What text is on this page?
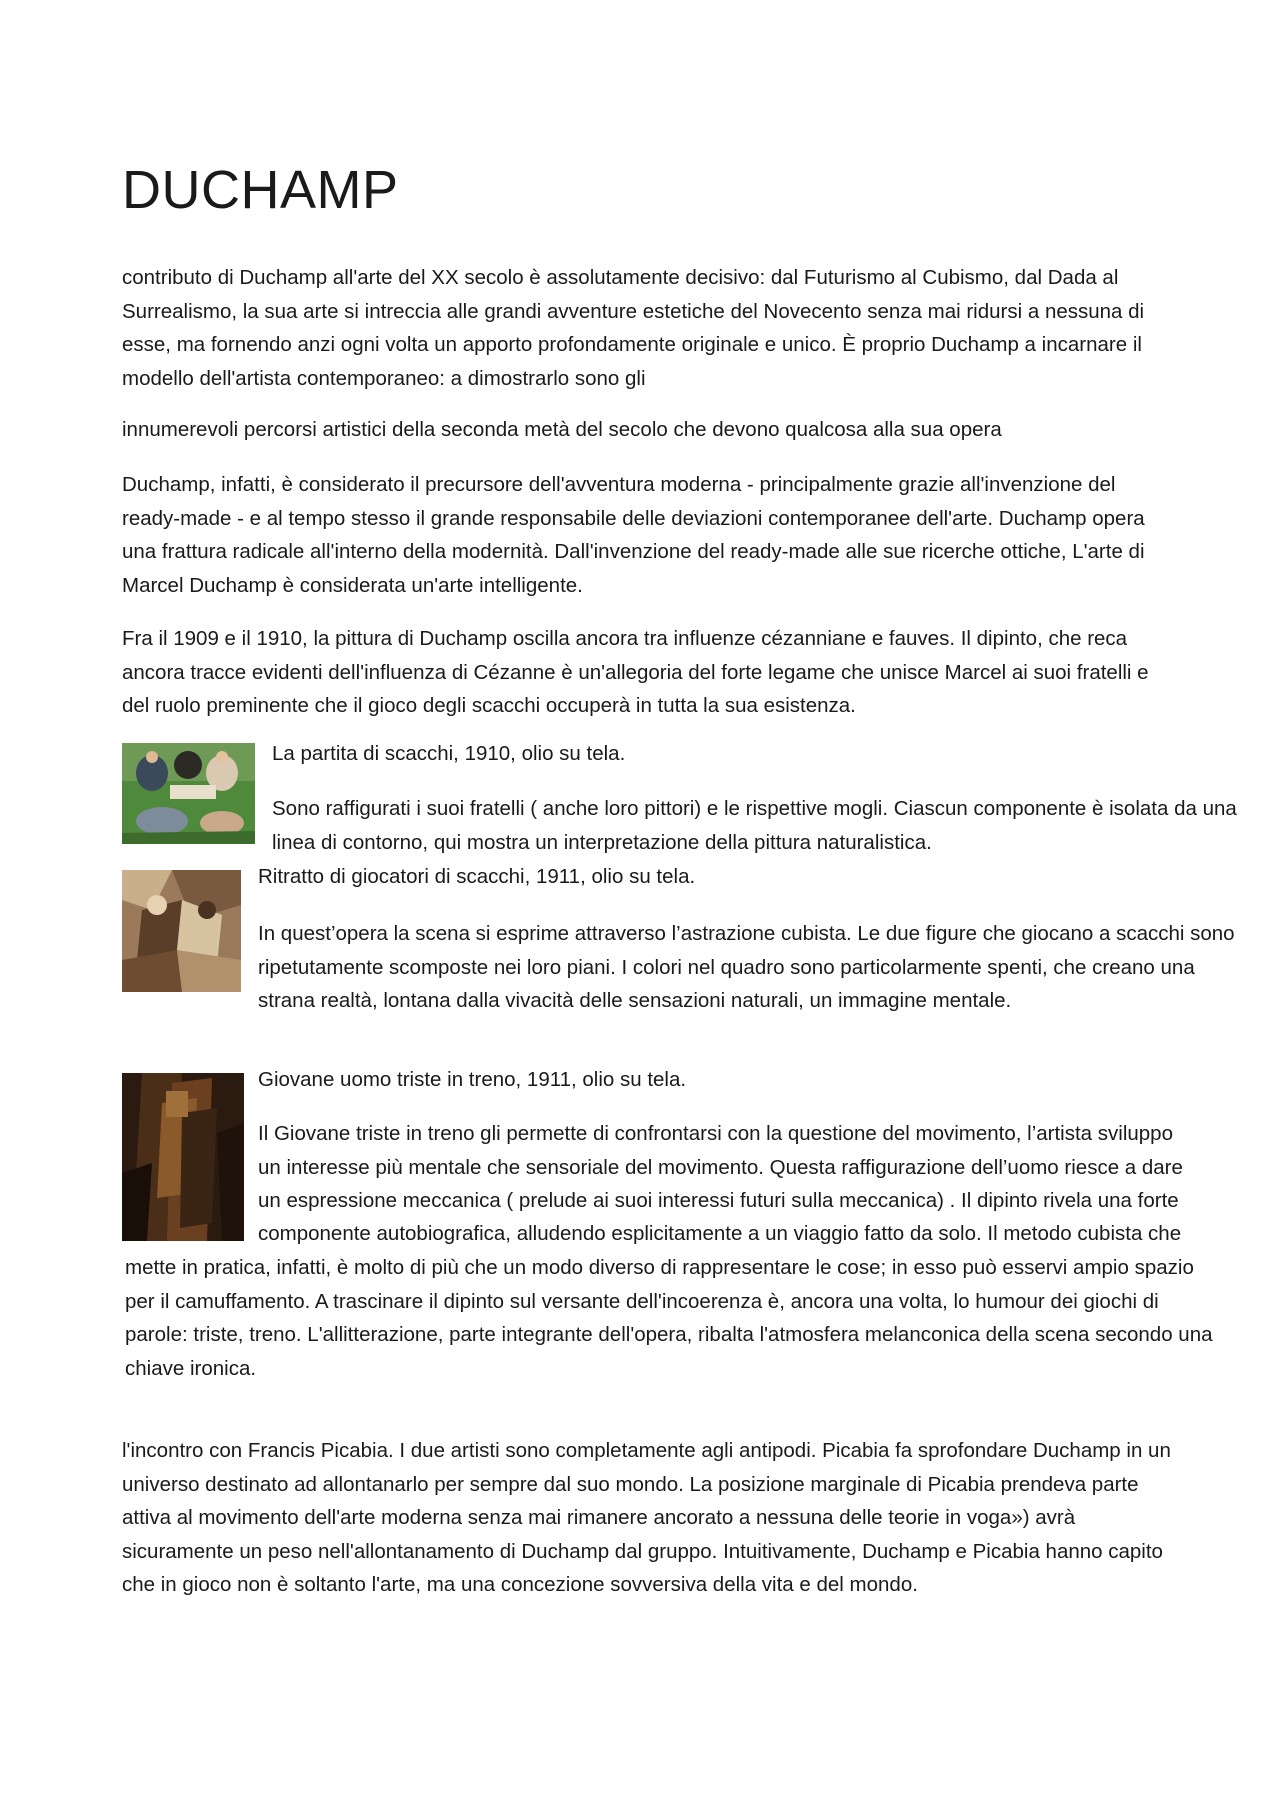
DUCHAMP

contributo di Duchamp all'arte del XX secolo è assolutamente decisivo: dal Futurismo al Cubismo, dal Dada al Surrealismo, la sua arte si intreccia alle grandi avventure estetiche del Novecento senza mai ridursi a nessuna di esse, ma fornendo anzi ogni volta un apporto profondamente originale e unico. È proprio Duchamp a incarnare il modello dell'artista contemporaneo: a dimostrarlo sono gli

innumerevoli percorsi artistici della seconda metà del secolo che devono qualcosa alla sua opera

Duchamp, infatti, è considerato il precursore dell'avventura moderna - principalmente grazie all'invenzione del ready-made - e al tempo stesso il grande responsabile delle deviazioni contemporanee dell'arte. Duchamp opera una frattura radicale all'interno della modernità. Dall'invenzione del ready-made alle sue ricerche ottiche, L'arte di Marcel Duchamp è considerata un'arte intelligente.

Fra il 1909 e il 1910, la pittura di Duchamp oscilla ancora tra influenze cézanniane e fauves. Il dipinto, che reca ancora tracce evidenti dell'influenza di Cézanne è un'allegoria del forte legame che unisce Marcel ai suoi fratelli e del ruolo preminente che il gioco degli scacchi occuperà in tutta la sua esistenza.

La partita di scacchi, 1910, olio su tela.

Sono raffigurati i suoi fratelli ( anche loro pittori) e le rispettive mogli. Ciascun componente è isolata da una linea di contorno, qui mostra un interpretazione della pittura naturalistica.

Ritratto di giocatori di scacchi, 1911, olio su tela.

In quest’opera la scena si esprime attraverso l’astrazione cubista. Le due figure che giocano a scacchi sono ripetutamente scomposte nei loro piani. I colori nel quadro sono particolarmente spenti, che creano una strana realtà, lontana dalla vivacità delle sensazioni naturali, un immagine mentale.

Giovane uomo triste in treno, 1911, olio su tela.

Il Giovane triste in treno gli permette di confrontarsi con la questione del movimento, l’artista sviluppo

un interesse più mentale che sensoriale del movimento. Questa raffigurazione dell’uomo riesce a dare

un espressione meccanica ( prelude ai suoi interessi futuri sulla meccanica) . Il dipinto rivela una forte

componente autobiografica, alludendo esplicitamente a un viaggio fatto da solo. Il metodo cubista che

mette in pratica, infatti, è molto di più che un modo diverso di rappresentare le cose; in esso può esservi ampio spazio per il camuffamento. A trascinare il dipinto sul versante dell'incoerenza è, ancora una volta, lo humour dei giochi di parole: triste, treno. L'allitterazione, parte integrante dell'opera, ribalta l'atmosfera melanconica della scena secondo una chiave ironica.

l'incontro con Francis Picabia. I due artisti sono completamente agli antipodi. Picabia fa sprofondare Duchamp in un universo destinato ad allontanarlo per sempre dal suo mondo. La posizione marginale di Picabia prendeva parte attiva al movimento dell'arte moderna senza mai rimanere ancorato a nessuna delle teorie in voga») avrà sicuramente un peso nell'allontanamento di Duchamp dal gruppo. Intuitivamente, Duchamp e Picabia hanno capito che in gioco non è soltanto l'arte, ma una concezione sovversiva della vita e del mondo.
